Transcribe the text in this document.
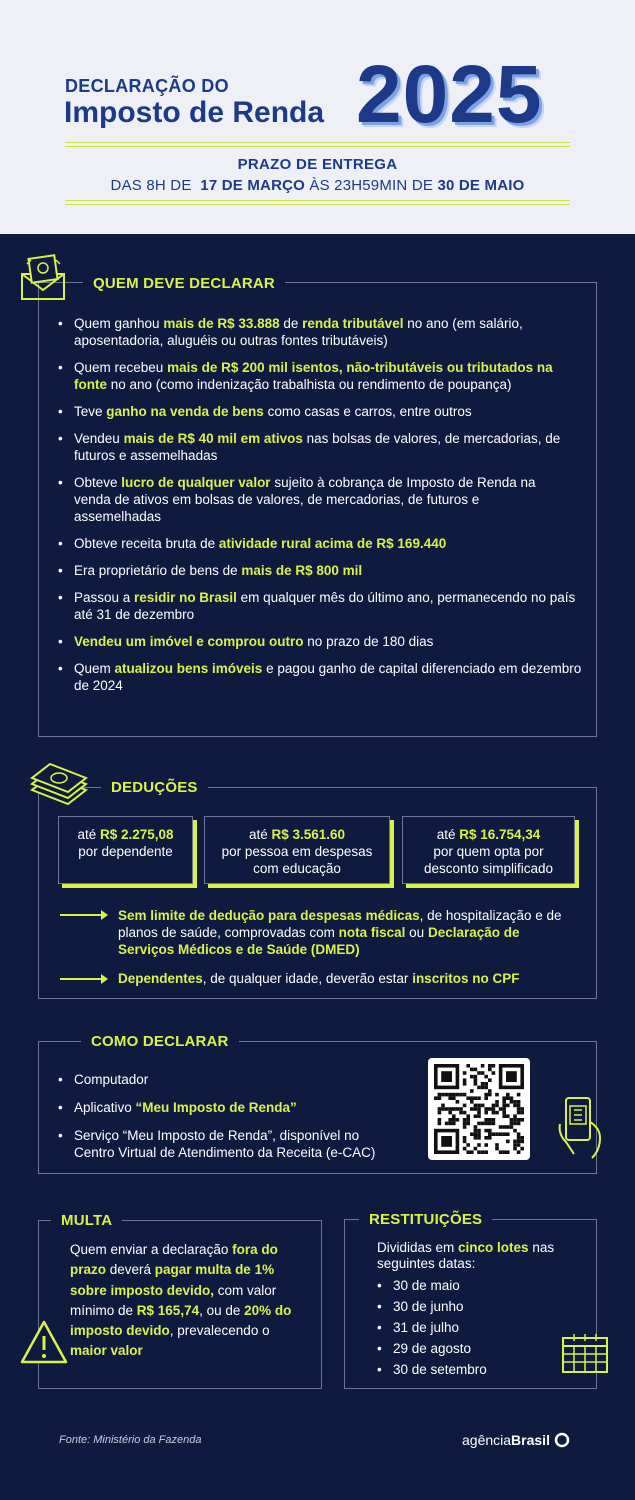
DECLARAÇÃO DO
Imposto de Renda 2025
PRAZO DE ENTREGA
DAS 8H DE 17 DE MARÇO ÀS 23H59MIN DE 30 DE MAIO
QUEM DEVE DECLARAR
• Quem ganhou mais de R$ 33.888 de renda tributável no ano (em salário, aposentadoria, aluguéis ou outras fontes tributáveis)
• Quem recebeu mais de R$ 200 mil isentos, não-tributáveis ou tributados na fonte no ano (como indenização trabalhista ou rendimento de poupança)
• Teve ganho na venda de bens como casas e carros, entre outros
• Vendeu mais de R$ 40 mil em ativos nas bolsas de valores, de mercadorias, de futuros e assemelhadas
• Obteve lucro de qualquer valor sujeito à cobrança de Imposto de Renda na venda de ativos em bolsas de valores, de mercadorias, de futuros e assemelhadas
• Obteve receita bruta de atividade rural acima de R$ 169.440
• Era proprietário de bens de mais de R$ 800 mil
• Passou a residir no Brasil em qualquer mês do último ano, permanecendo no país até 31 de dezembro
• Vendeu um imóvel e comprou outro no prazo de 180 dias
• Quem atualizou bens imóveis e pagou ganho de capital diferenciado em dezembro de 2024
DEDUÇÕES
até R$ 2.275,08
por dependente
até R$ 3.561.60

por pessoa em despesas com educação
até R$ 16.754,34

por quem opta por desconto simplificado
Sem limite de dedução para despesas médicas, de hospitalização e de planos de saúde, comprovadas com nota fiscal ou Declaração de Serviços Médicos e de Saúde (DMED)
Dependentes, de qualquer idade, deverão estar inscritos no CPF
COMO DECLARAR
• Computador
• Aplicativo “Meu Imposto de Renda”
• Serviço “Meu Imposto de Renda”, disponível no Centro Virtual de Atendimento da Receita (e-CAC)
MULTA
Quem enviar a declaração fora do prazo deverá pagar multa de 1% sobre imposto devido, com valor mínimo de R$ 165,74, ou de 20% do imposto devido, prevalecendo o maior valor
RESTITUIÇÕES
Divididas em cinco lotes nas seguintes datas:
• 30 de maio
• 30 de junho
• 31 de julho
• 29 de agosto
• 30 de setembro
Fonte: Ministério da Fazenda	agênciaBrasil
